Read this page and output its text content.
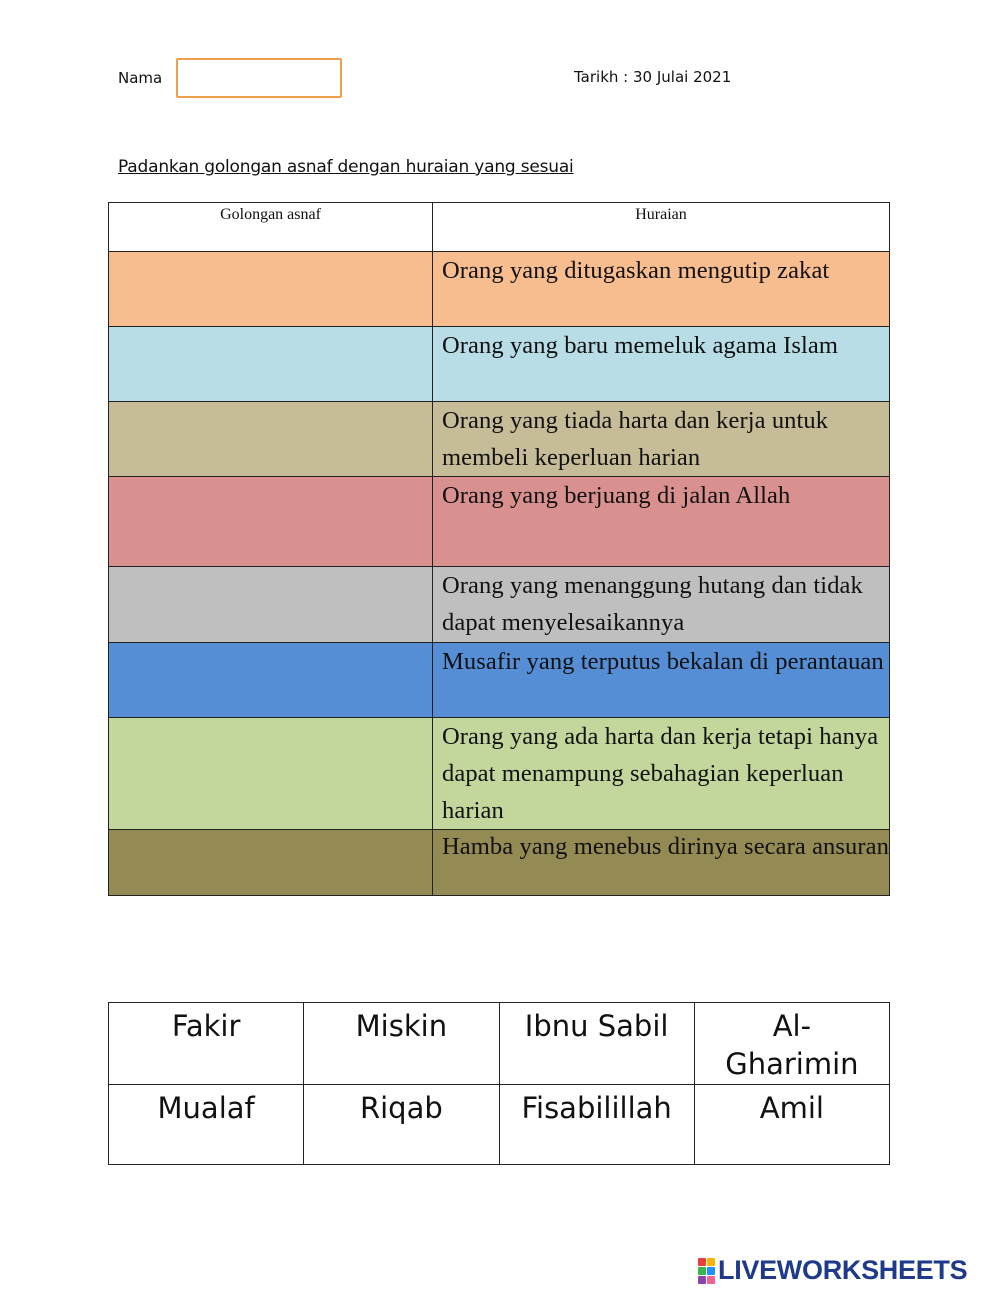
Nama	Tarikh : 30 Julai 2021
Padankan golongan asnaf dengan huraian yang sesuai
Golongan asnaf	Huraian
	Orang yang ditugaskan mengutip zakat
	Orang yang baru memeluk agama Islam
	Orang yang tiada harta dan kerja untuk membeli keperluan harian
	Orang yang berjuang di jalan Allah
	Orang yang menanggung hutang dan tidak dapat menyelesaikannya
	Musafir yang terputus bekalan di perantauan
	Orang yang ada harta dan kerja tetapi hanya dapat menampung sebahagian keperluan harian
	Hamba yang menebus dirinya secara ansuran
Fakir	Miskin	Ibnu Sabil	Al-Gharimin
Mualaf	Riqab	Fisabilillah	Amil
LIVEWORKSHEETS
